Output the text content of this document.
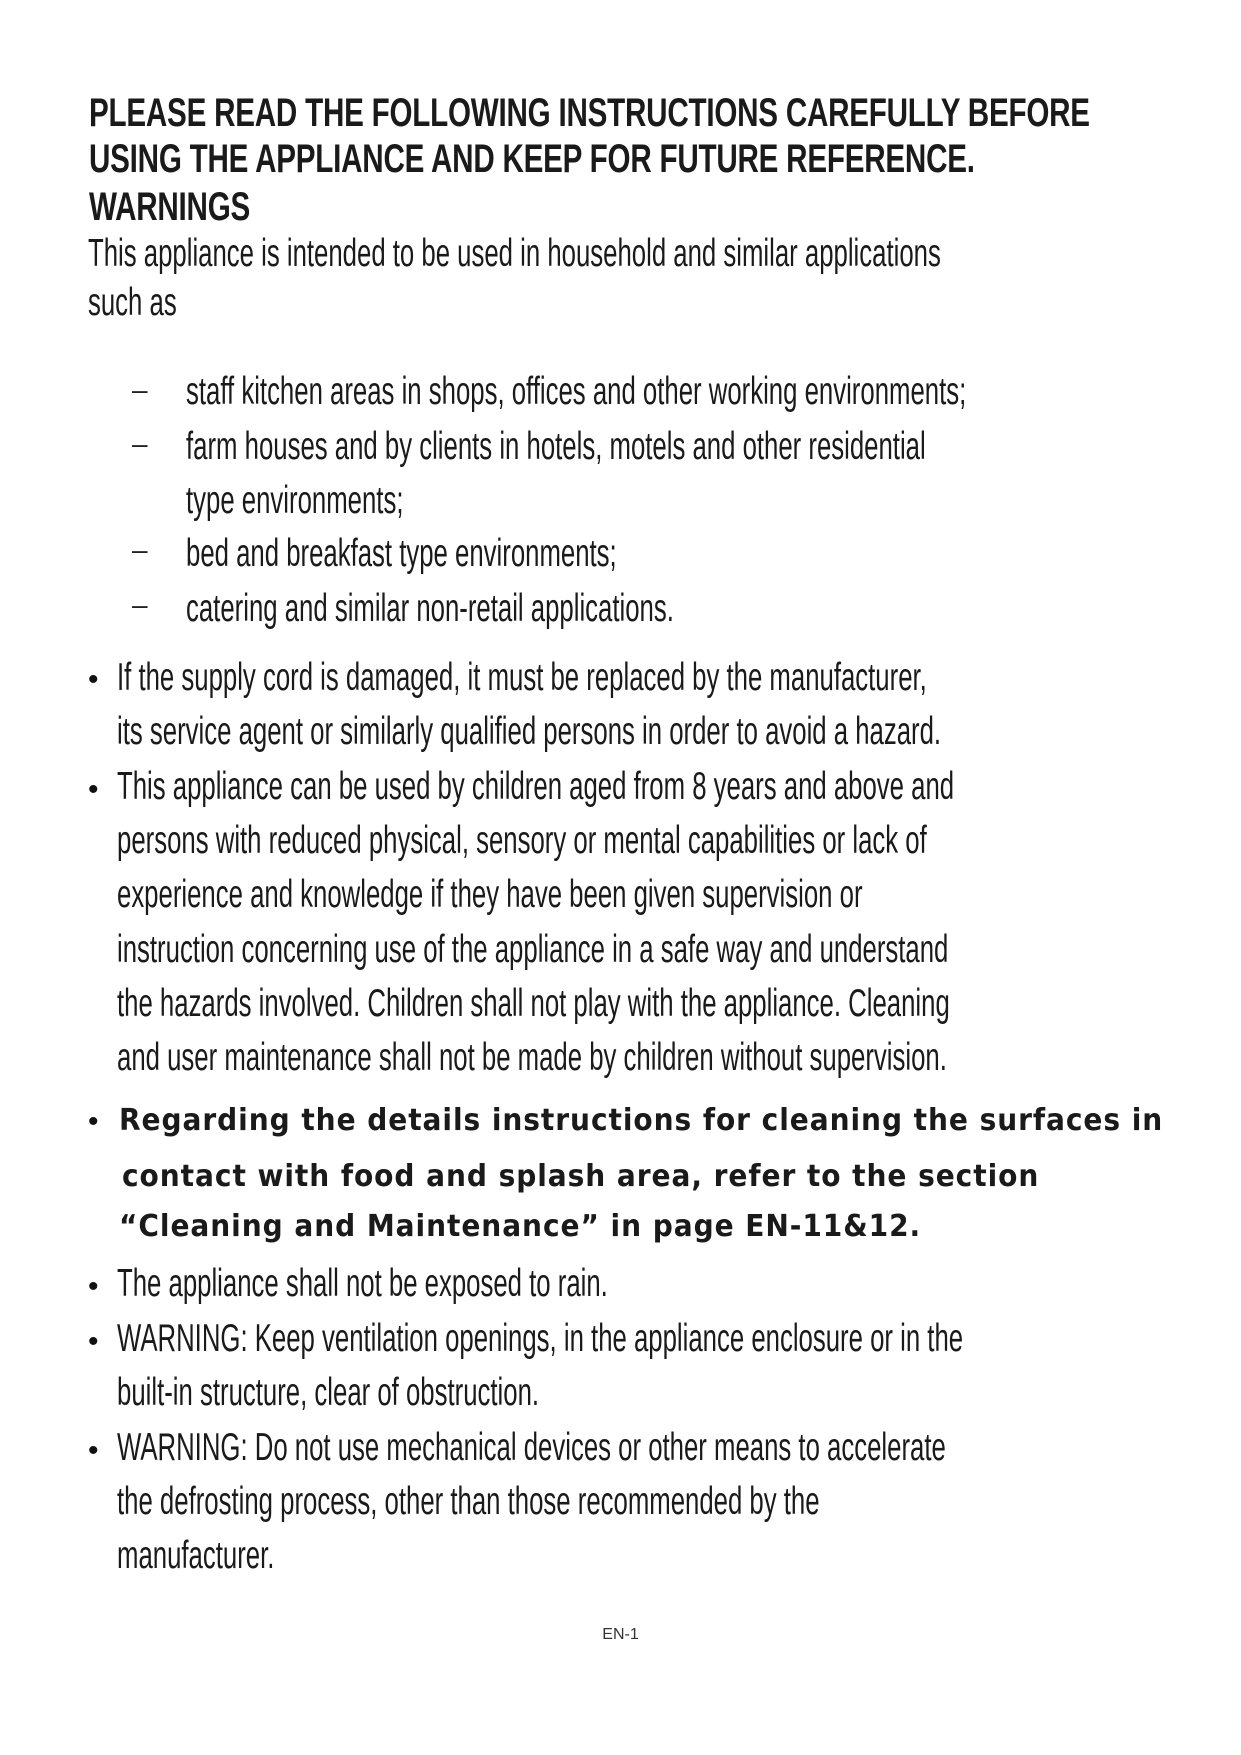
PLEASE READ THE FOLLOWING INSTRUCTIONS CAREFULLY BEFORE
USING THE APPLIANCE AND KEEP FOR FUTURE REFERENCE.
WARNINGS
This appliance is intended to be used in household and similar applications
such as
– staff kitchen areas in shops, offices and other working environments;
– farm houses and by clients in hotels, motels and other residential
type environments;
– bed and breakfast type environments;
– catering and similar non-retail applications.
• If the supply cord is damaged, it must be replaced by the manufacturer,
its service agent or similarly qualified persons in order to avoid a hazard.
• This appliance can be used by children aged from 8 years and above and
persons with reduced physical, sensory or mental capabilities or lack of
experience and knowledge if they have been given supervision or
instruction concerning use of the appliance in a safe way and understand
the hazards involved. Children shall not play with the appliance. Cleaning
and user maintenance shall not be made by children without supervision.
• Regarding the details instructions for cleaning the surfaces in
contact with food and splash area, refer to the section
“Cleaning and Maintenance” in page EN-11&12.
• The appliance shall not be exposed to rain.
• WARNING: Keep ventilation openings, in the appliance enclosure or in the
built-in structure, clear of obstruction.
• WARNING: Do not use mechanical devices or other means to accelerate
the defrosting process, other than those recommended by the
manufacturer.
EN-1
